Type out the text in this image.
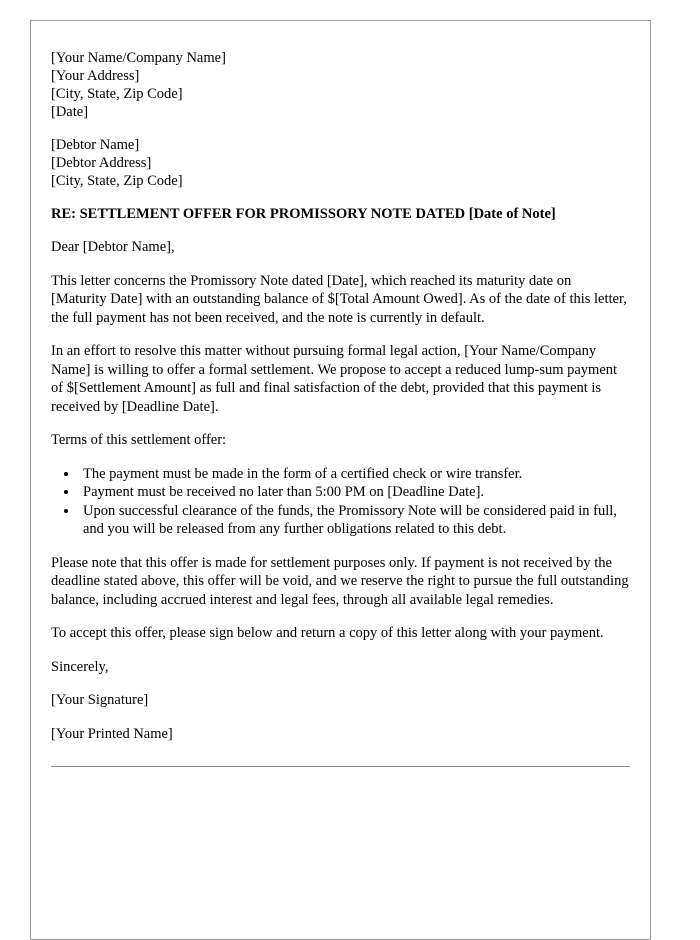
[Your Name/Company Name]
[Your Address]
[City, State, Zip Code]
[Date]
[Debtor Name]
[Debtor Address]
[City, State, Zip Code]
RE: SETTLEMENT OFFER FOR PROMISSORY NOTE DATED [Date of Note]

Dear [Debtor Name],

This letter concerns the Promissory Note dated [Date], which reached its maturity date on [Maturity Date] with an outstanding balance of $[Total Amount Owed]. As of the date of this letter, the full payment has not been received, and the note is currently in default.

In an effort to resolve this matter without pursuing formal legal action, [Your Name/Company Name] is willing to offer a formal settlement. We propose to accept a reduced lump-sum payment of $[Settlement Amount] as full and final satisfaction of the debt, provided that this payment is received by [Deadline Date].

Terms of this settlement offer:

• The payment must be made in the form of a certified check or wire transfer.
• Payment must be received no later than 5:00 PM on [Deadline Date].
• Upon successful clearance of the funds, the Promissory Note will be considered paid in full, and you will be released from any further obligations related to this debt.

Please note that this offer is made for settlement purposes only. If payment is not received by the deadline stated above, this offer will be void, and we reserve the right to pursue the full outstanding balance, including accrued interest and legal fees, through all available legal remedies.

To accept this offer, please sign below and return a copy of this letter along with your payment.

Sincerely,

[Your Signature]

[Your Printed Name]
